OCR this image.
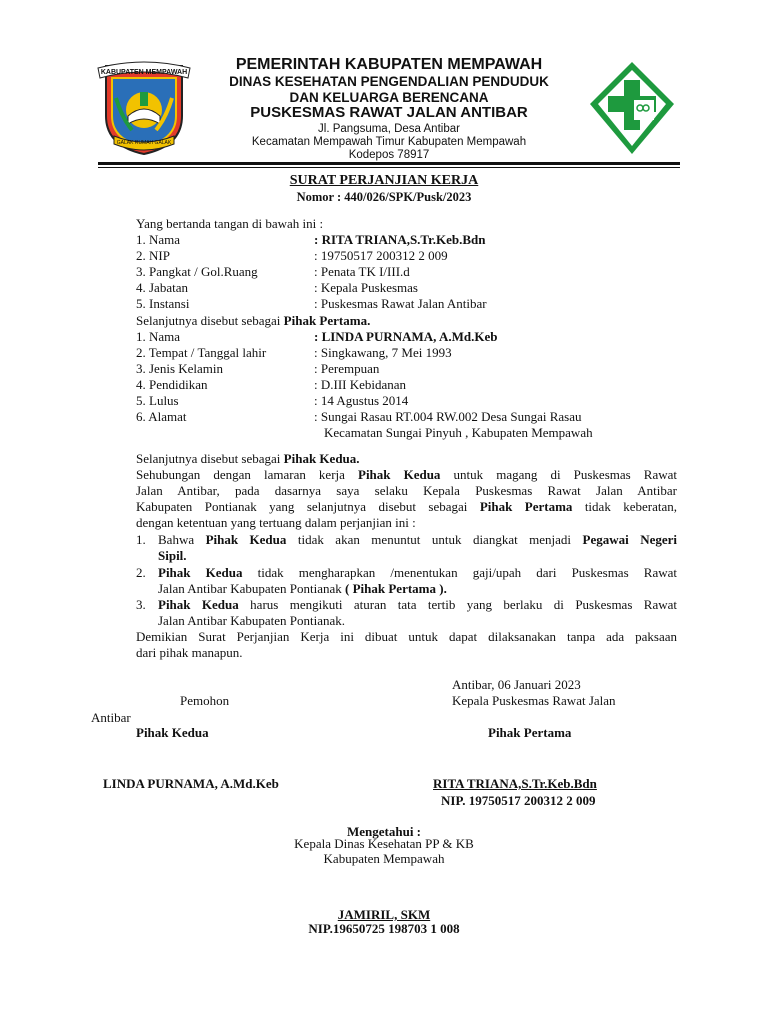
KABUPATEN MEMPAWAH
GALAK RUMAH GALAK
PEMERINTAH KABUPATEN MEMPAWAH
DINAS KESEHATAN PENGENDALIAN PENDUDUK
DAN KELUARGA BERENCANA
PUSKESMAS RAWAT JALAN ANTIBAR
Jl. Pangsuma, Desa Antibar
Kecamatan Mempawah Timur Kabupaten Mempawah
Kodepos 78917
SURAT PERJANJIAN KERJA
Nomor : 440/026/SPK/Pusk/2023
Yang bertanda tangan di bawah ini :
1. Nama	: RITA TRIANA,S.Tr.Keb.Bdn
2. NIP	: 19750517 200312 2 009
3. Pangkat / Gol.Ruang	: Penata TK I/III.d
4. Jabatan	: Kepala Puskesmas
5. Instansi	: Puskesmas Rawat Jalan Antibar
Selanjutnya disebut sebagai Pihak Pertama.
1. Nama	: LINDA PURNAMA, A.Md.Keb
2. Tempat / Tanggal lahir	: Singkawang, 7 Mei 1993
3. Jenis Kelamin	: Perempuan
4. Pendidikan	: D.III Kebidanan
5. Lulus	: 14 Agustus 2014
6. Alamat	: Sungai Rasau RT.004 RW.002 Desa Sungai Rasau
Kecamatan Sungai Pinyuh , Kabupaten Mempawah
Selanjutnya disebut sebagai Pihak Kedua.
Sehubungan dengan lamaran kerja Pihak Kedua untuk magang di Puskesmas Rawat
Jalan Antibar, pada dasarnya saya selaku Kepala Puskesmas Rawat Jalan Antibar
Kabupaten Pontianak yang selanjutnya disebut sebagai Pihak Pertama tidak keberatan,
dengan ketentuan yang tertuang dalam perjanjian ini :
1. Bahwa Pihak Kedua tidak akan menuntut untuk diangkat menjadi Pegawai Negeri
Sipil.
2. Pihak Kedua tidak mengharapkan /menentukan gaji/upah dari Puskesmas Rawat
Jalan Antibar Kabupaten Pontianak ( Pihak Pertama ).
3. Pihak Kedua harus mengikuti aturan tata tertib yang berlaku di Puskesmas Rawat
Jalan Antibar Kabupaten Pontianak.
Demikian Surat Perjanjian Kerja ini dibuat untuk dapat dilaksanakan tanpa ada paksaan
dari pihak manapun.
Antibar, 06 Januari 2023
Pemohon	Kepala Puskesmas Rawat Jalan
Antibar
Pihak Kedua	Pihak Pertama
LINDA PURNAMA, A.Md.Keb	RITA TRIANA,S.Tr.Keb.Bdn
NIP. 19750517 200312 2 009
Mengetahui :
Kepala Dinas Kesehatan PP & KB
Kabupaten Mempawah
JAMIRIL, SKM
NIP.19650725 198703 1 008
